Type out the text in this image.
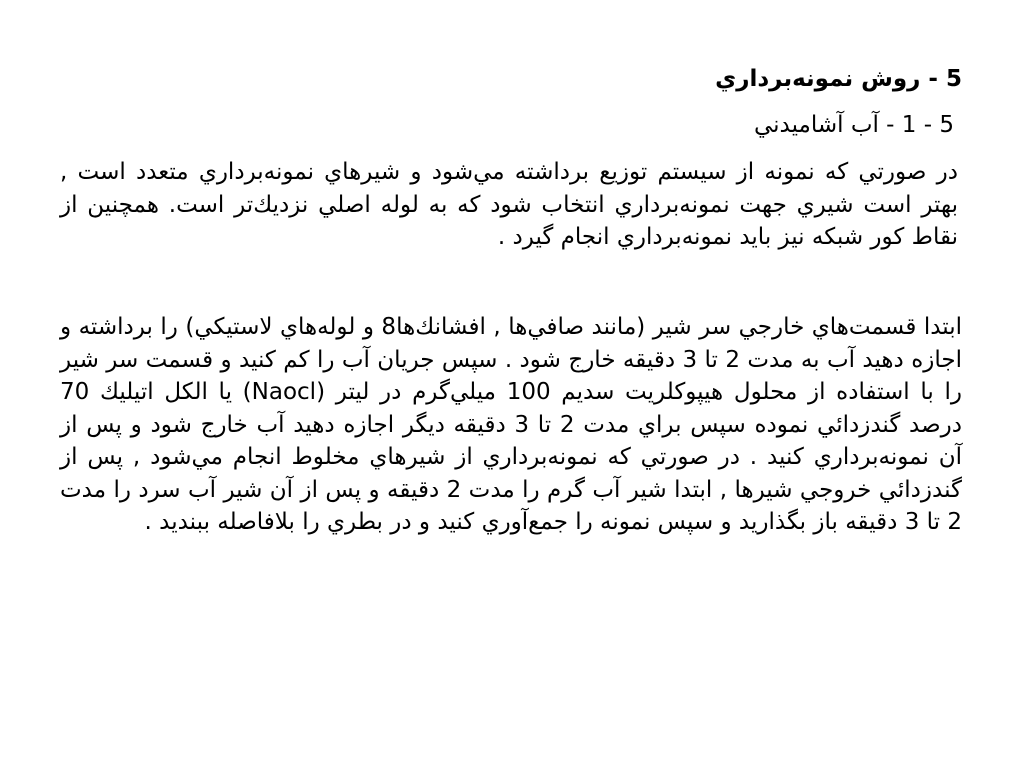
5 - روش نمونه‌برداري
5 - 1 - آب آشاميدني
در صورتي كه نمونه از سيستم توزيع برداشته مي‌شود و شيرهاي نمونه‌برداري متعدد است , بهتر است شيري جهت نمونه‌برداري انتخاب شود كه به لوله اصلي نزديك‌تر است. همچنين از نقاط كور شبكه نيز بايد نمونه‌برداري انجام گيرد .
ابتدا قسمت‌هاي خارجي سر شير (مانند صافي‌ها , افشانك‌ها8 و لوله‌هاي لاستيكي) را برداشته و اجازه دهيد آب به مدت 2 تا 3 دقيقه خارج شود . سپس جريان آب را كم كنيد و قسمت سر شير را با استفاده از محلول هيپوكلريت سديم 100 ميلي‌گرم در ليتر (Naocl) يا الكل اتيليك 70 درصد گندزدائي نموده سپس براي مدت 2 تا 3 دقيقه ديگر اجازه دهيد آب خارج شود و پس از آن نمونه‌برداري كنيد . در صورتي كه نمونه‌برداري از شيرهاي مخلوط انجام مي‌شود , پس از گندزدائي خروجي شيرها , ابتدا شير آب گرم را مدت 2 دقيقه و پس از آن شير آب سرد را مدت 2 تا 3 دقيقه باز بگذاريد و سپس نمونه را جمع‌آوري كنيد و در بطري را بلافاصله ببنديد .
